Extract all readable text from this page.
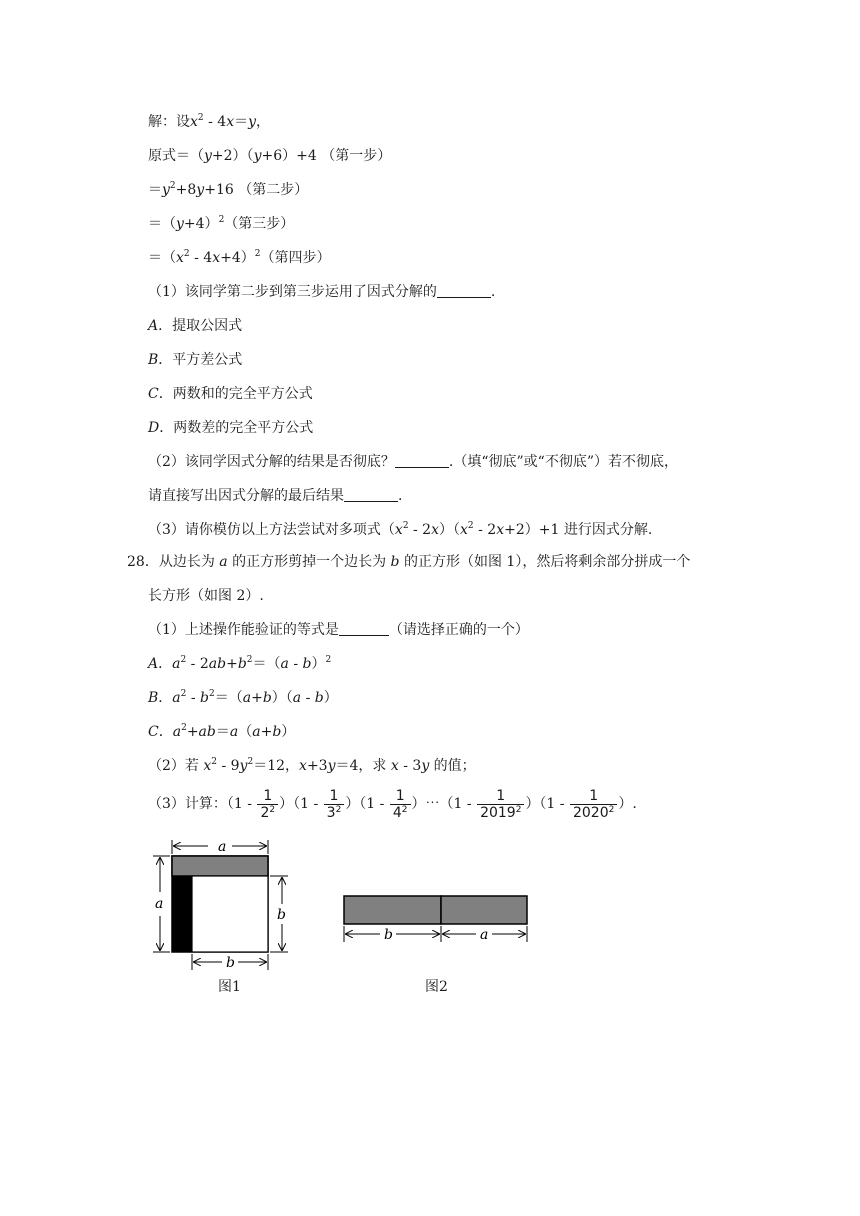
解：设$x^2 - 4x=y$，
原式＝（y+2）（y+6）+4 （第一步）
$=y^2+8y+16$ （第二步）
$=(y+4)^2$（第三步）
$=(x^2 - 4x+4)^2$（第四步）
（1）该同学第二步到第三步运用了因式分解的	.
A．提取公因式
B．平方差公式
C．两数和的完全平方公式
D．两数差的完全平方公式
（2）该同学因式分解的结果是否彻底？	.（填“彻底”或“不彻底”）若不彻底，
请直接写出因式分解的最后结果	.
（3）请你模仿以上方法尝试对多项式$(x^2 - 2x)(x^2 - 2x+2)+1$ 进行因式分解.
28．从边长为 a 的正方形剪掉一个边长为 b 的正方形（如图 1），然后将剩余部分拼成一个
长方形（如图 2）.
（1）上述操作能验证的等式是	（请选择正确的一个）
A．$a^2 - 2ab+b^2=(a - b)^2$
B．$a^2 - b^2=(a+b)(a - b)$
C．$a^2+ab=a(a+b)$
（2）若 $x^2 - 9y^2=12$，x+3y＝4，求 x - 3y 的值；
（3）计算：$(1 - \frac{1}{2^2} )(1 - \frac{1}{3^2} )(1 - \frac{1}{4^2}$ ）⋯（1 - $\frac{1}{2019^2} )(1 - \frac{1}{2020^2}$ ）.
a
a
b
b
图1
b	a
图2
